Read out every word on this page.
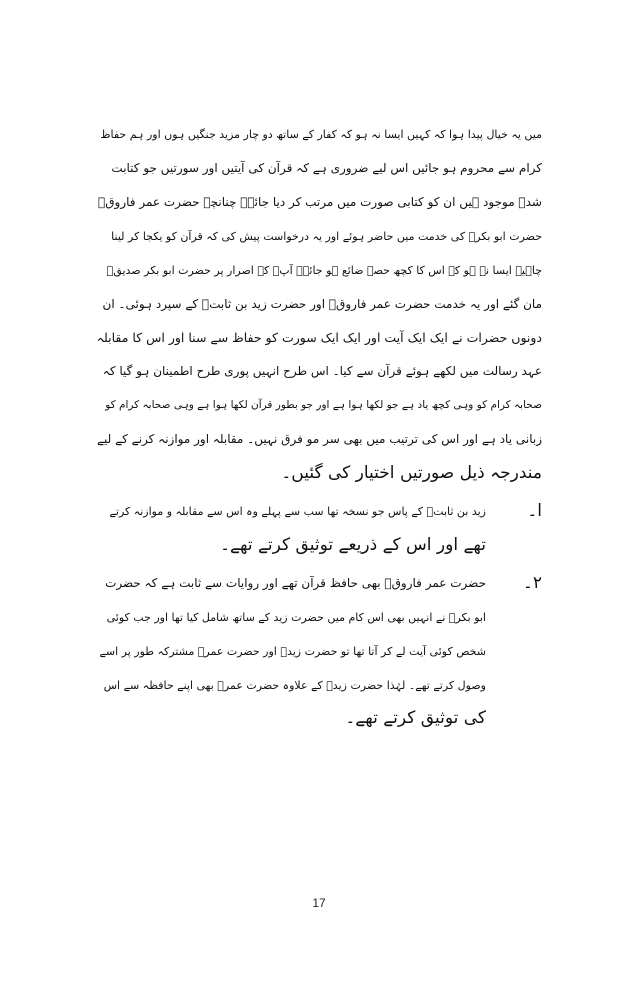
میں یہ خیال پیدا ہوا کہ کہیں ایسا نہ ہو کہ کفار کے ساتھ دو چار مزید جنگیں ہوں اور ہم حفاظ
کرام سے محروم ہو جائیں اس لیے ضروری ہے کہ قرآن کی آیتیں اور سورتیں جو کتابت
شدہ موجود ہیں ان کو کتابی صورت میں مرتب کر دیا جائے۔ چنانچہ حضرت عمر فاروقؓ
حضرت ابو بکرؓ کی خدمت میں حاضر ہوئے اور یہ درخواست پیش کی کہ قرآن کو یکجا کر لینا
چاہیے ایسا نہ ہو کہ اس کا کچھ حصہ ضائع ہو جائے۔ آپؓ کے اصرار پر حضرت ابو بکر صدیقؓ
مان گئے اور یہ خدمت حضرت عمر فاروقؓ اور حضرت زید بن ثابتؓ کے سپرد ہوئی۔ ان
دونوں حضرات نے ایک ایک آیت اور ایک ایک سورت کو حفاظ سے سنا اور اس کا مقابلہ
عہد رسالت میں لکھے ہوئے قرآن سے کیا۔ اس طرح انہیں پوری طرح اطمینان ہو گیا کہ
صحابہ کرام کو وہی کچھ یاد ہے جو لکھا ہوا ہے اور جو بطور قرآن لکھا ہوا ہے وہی صحابہ کرام کو
زبانی یاد ہے اور اس کی ترتیب میں بھی سر مو فرق نہیں۔ مقابلہ اور موازنہ کرنے کے لیے
مندرجہ ذیل صورتیں اختیار کی گئیں۔
ا۔
زید بن ثابتؓ کے پاس جو نسخہ تھا سب سے پہلے وہ اس سے مقابلہ و موازنہ کرتے
تھے اور اس کے ذریعے توثیق کرتے تھے۔
۲۔
حضرت عمر فاروقؓ بھی حافظ قرآن تھے اور روایات سے ثابت ہے کہ حضرت
ابو بکرؓ نے انہیں بھی اس کام میں حضرت زید کے ساتھ شامل کیا تھا اور جب کوئی
شخص کوئی آیت لے کر آتا تھا تو حضرت زیدؓ اور حضرت عمرؓ مشترکہ طور پر اسے
وصول کرتے تھے۔ لہٰذا حضرت زیدؓ کے علاوہ حضرت عمرؓ بھی اپنے حافظہ سے اس
کی توثیق کرتے تھے۔
17
